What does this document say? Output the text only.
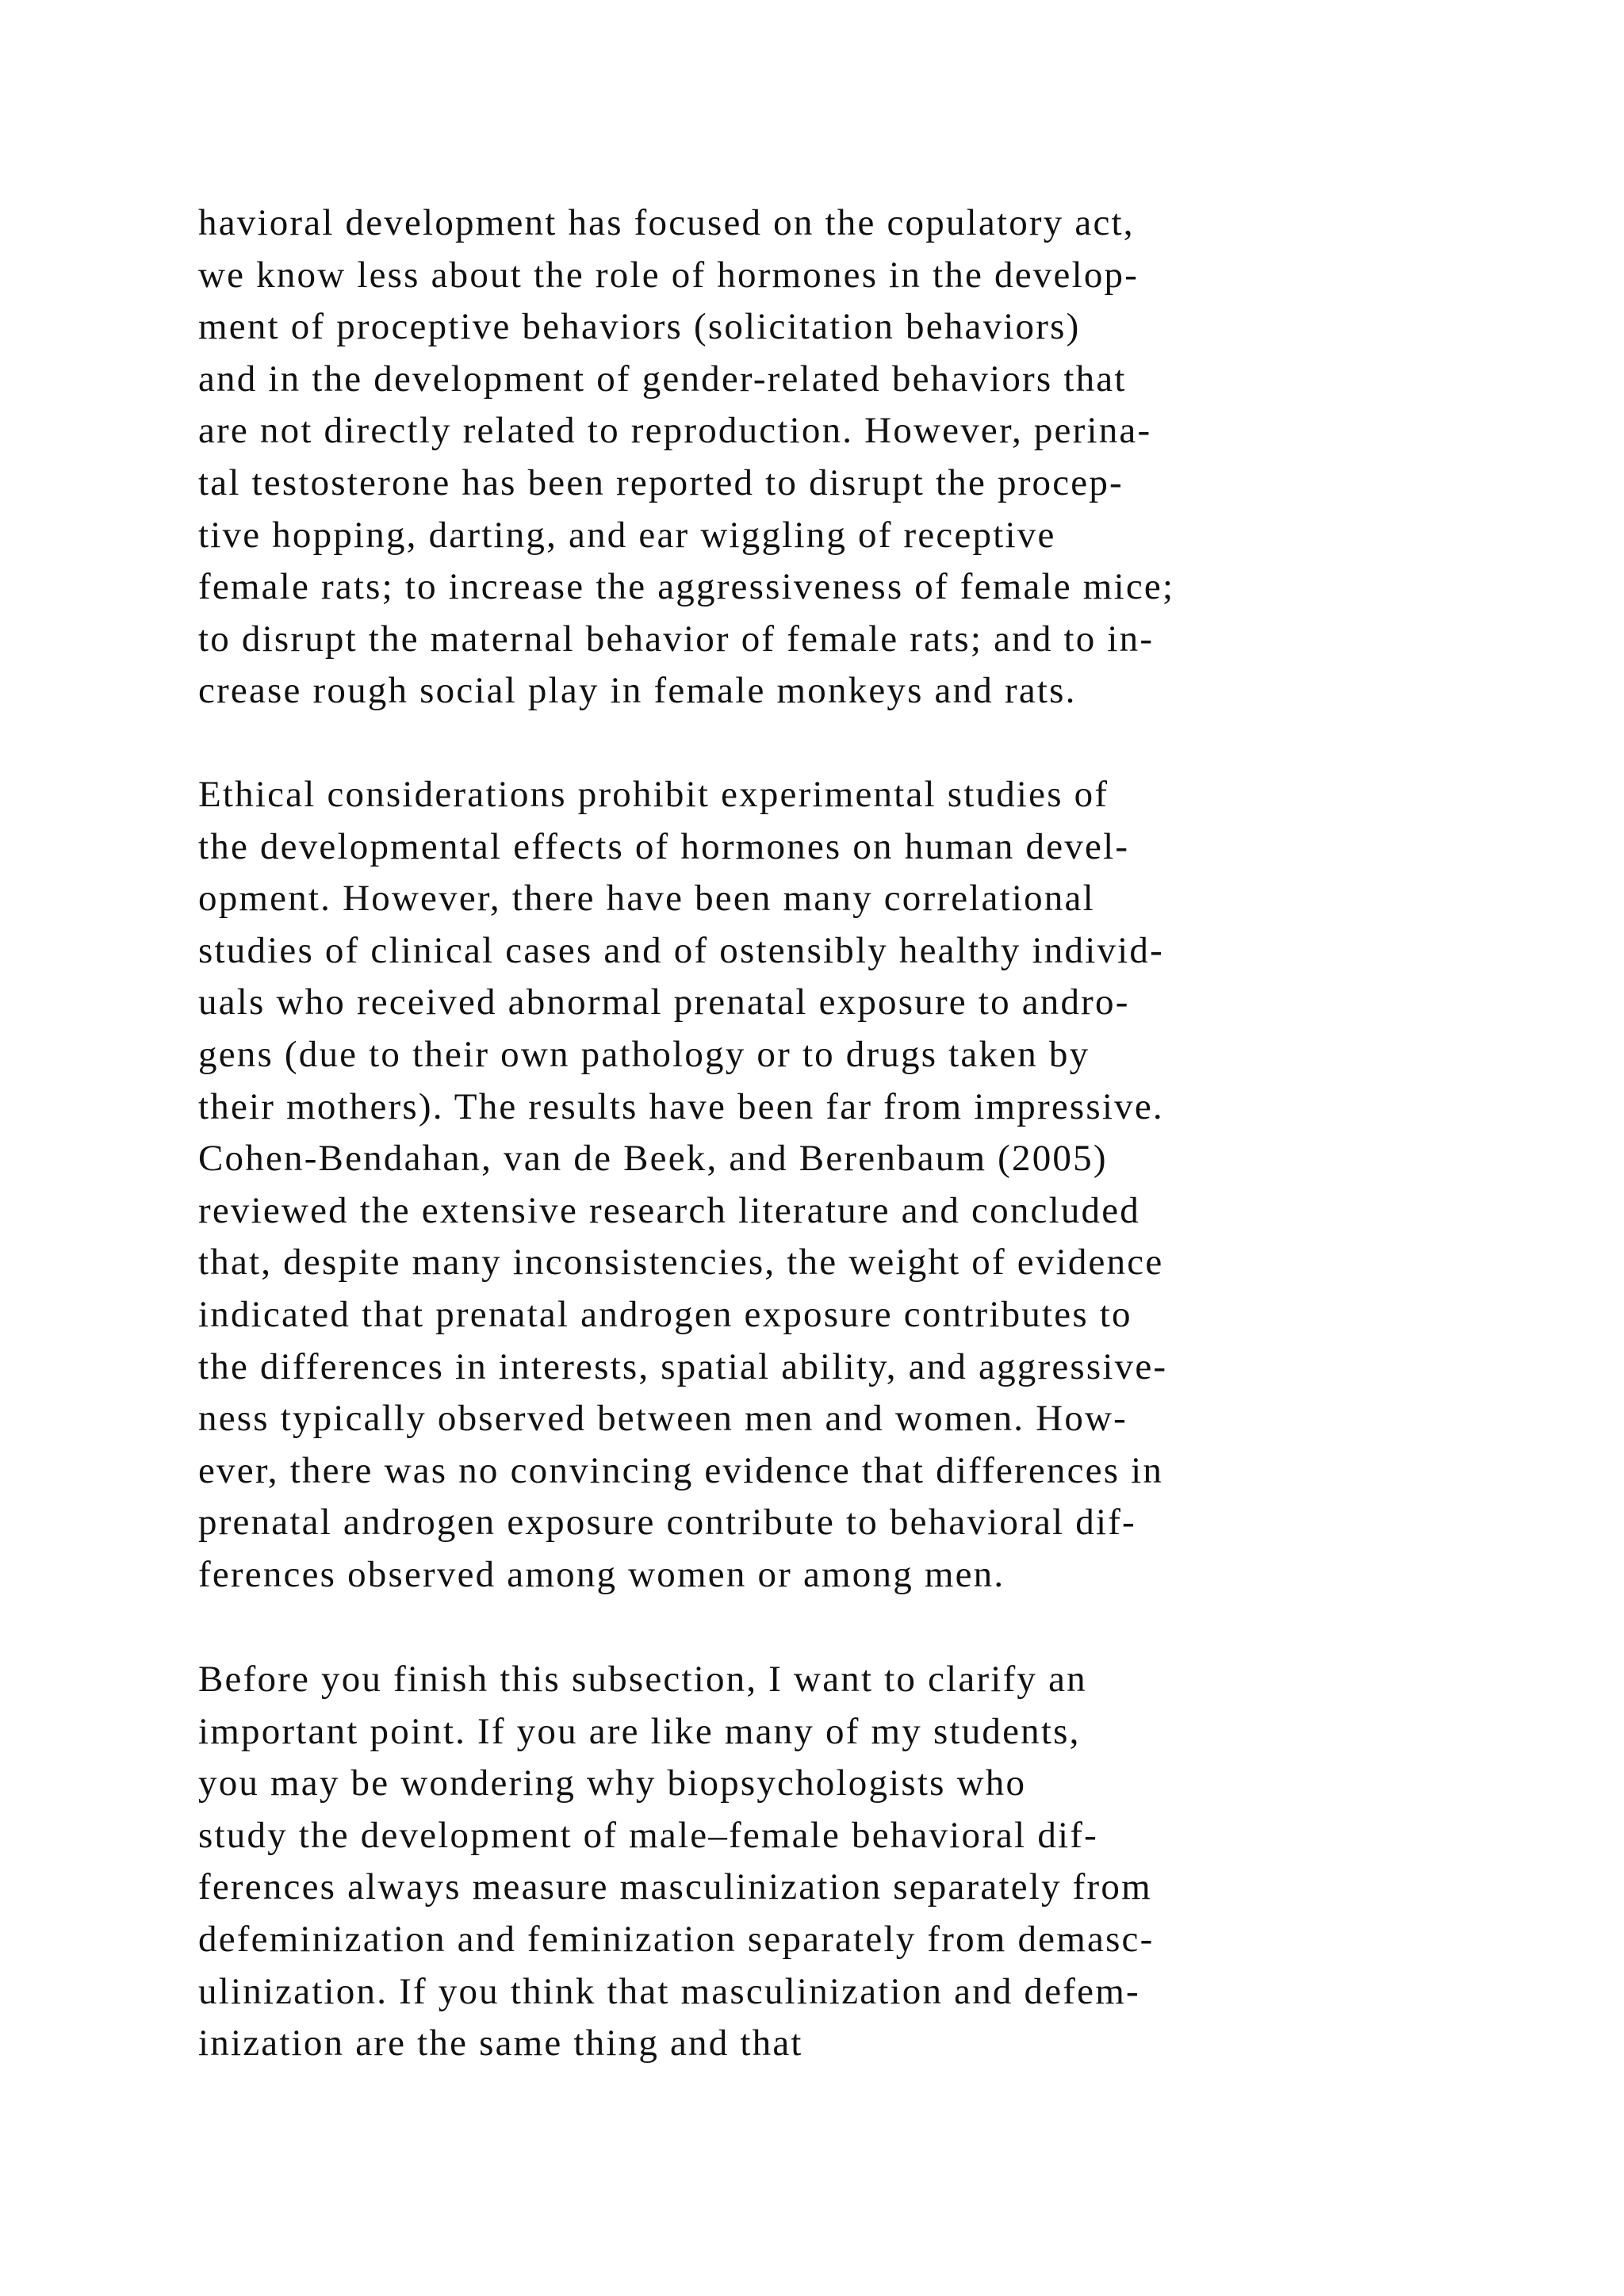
havioral development has focused on the copulatory act,
we know less about the role of hormones in the develop-
ment of proceptive behaviors (solicitation behaviors)
and in the development of gender-related behaviors that
are not directly related to reproduction. However, perina-
tal testosterone has been reported to disrupt the procep-
tive hopping, darting, and ear wiggling of receptive
female rats; to increase the aggressiveness of female mice;
to disrupt the maternal behavior of female rats; and to in-
crease rough social play in female monkeys and rats.

Ethical considerations prohibit experimental studies of
the developmental effects of hormones on human devel-
opment. However, there have been many correlational
studies of clinical cases and of ostensibly healthy individ-
uals who received abnormal prenatal exposure to andro-
gens (due to their own pathology or to drugs taken by
their mothers). The results have been far from impressive.
Cohen-Bendahan, van de Beek, and Berenbaum (2005)
reviewed the extensive research literature and concluded
that, despite many inconsistencies, the weight of evidence
indicated that prenatal androgen exposure contributes to
the differences in interests, spatial ability, and aggressive-
ness typically observed between men and women. How-
ever, there was no convincing evidence that differences in
prenatal androgen exposure contribute to behavioral dif-
ferences observed among women or among men.

Before you finish this subsection, I want to clarify an
important point. If you are like many of my students,
you may be wondering why biopsychologists who
study the development of male–female behavioral dif-
ferences always measure masculinization separately from
defeminization and feminization separately from demasc-
ulinization. If you think that masculinization and defem-
inization are the same thing and that
